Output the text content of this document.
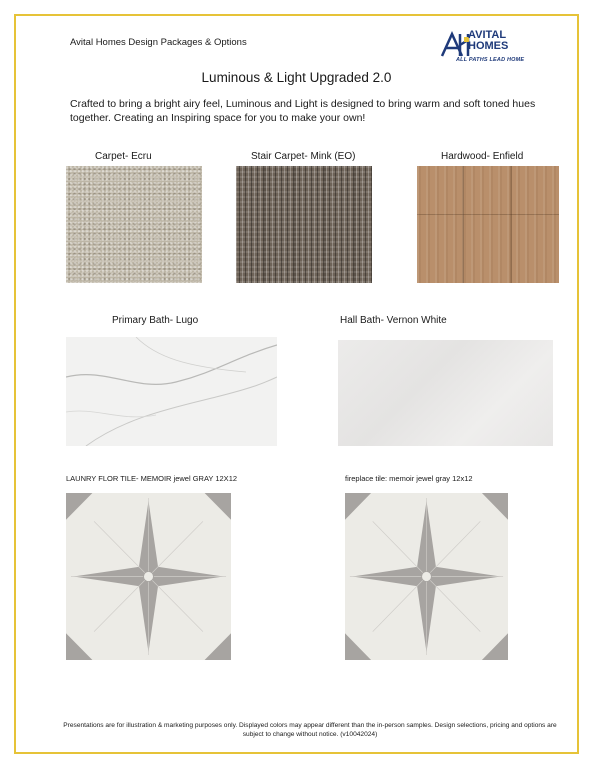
Avital Homes Design Packages & Options
AVITAL
HOMES
ALL PATHS LEAD HOME
Luminous & Light Upgraded 2.0
Crafted to bring a bright airy feel, Luminous and Light is designed to bring warm and soft toned hues together. Creating an Inspiring space for you to make your own!
Carpet- Ecru	Stair Carpet- Mink (EO)	Hardwood- Enfield
Primary Bath- Lugo	Hall Bath- Vernon White
LAUNRY FLOR TILE- MEMOIR jewel GRAY 12X12	fireplace tile: memoir jewel gray 12x12
Presentations are for illustration & marketing purposes only. Displayed colors may appear different than the in-person samples. Design selections, pricing and options are subject to change without notice. (v10042024)
